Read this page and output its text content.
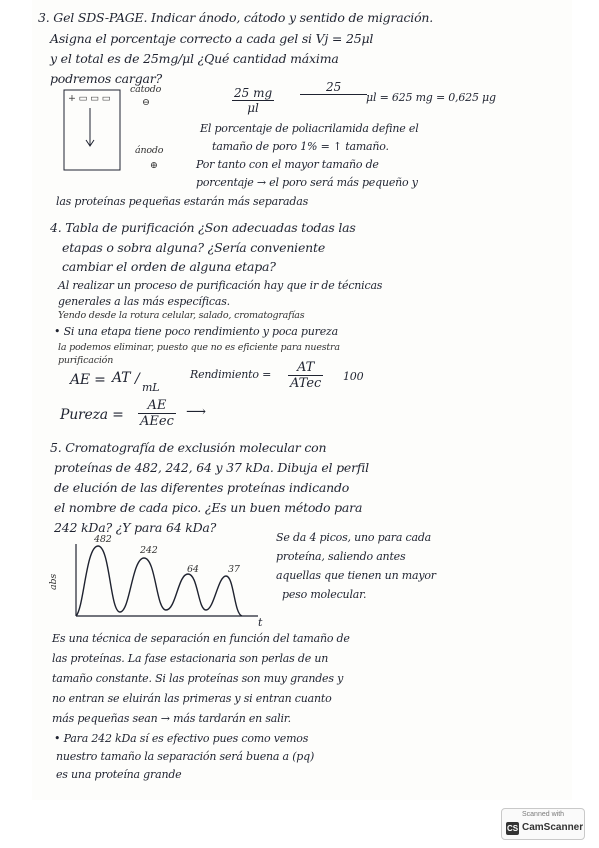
3. Gel SDS-PAGE. Indicar ánodo, cátodo y sentido de migración.
Asigna el porcentaje correcto a cada gel si Vj = 25μl
y el total es de 25mg/μl ¿Qué cantidad máxima
podremos cargar?
+ ▭ ▭ ▭
cátodo
⊖
ánodo
⊕
$\frac{25 mg}{\mu l}$	25
μl = 625 mg = 0,625 μg
El porcentaje de poliacrilamida define el
tamaño de poro 1% = ↑ tamaño.
Por tanto con el mayor tamaño de
porcentaje → el poro será más pequeño y
las proteínas pequeñas estarán más separadas
4. Tabla de purificación ¿Son adecuadas todas las
etapas o sobra alguna? ¿Sería conveniente
cambiar el orden de alguna etapa?
Al realizar un proceso de purificación hay que ir de técnicas
generales a las más específicas.
Yendo desde la rotura celular, salado, cromatografías
• Si una etapa tiene poco rendimiento y poca pureza
la podemos eliminar, puesto que no es eficiente para nuestra
purificación
AE = AT /
mL
Rendimiento =	AT
ATec 100
Pureza =
AE
AEec
⟶
5. Cromatografía de exclusión molecular con
proteínas de 482, 242, 64 y 37 kDa. Dibuja el perfil
de elución de las diferentes proteínas indicando
el nombre de cada pico. ¿Es un buen método para
242 kDa? ¿Y para 64 kDa?
482
242
64	37
abs
t
Se da 4 picos, uno para cada
proteína, saliendo antes
aquellas que tienen un mayor
peso molecular.
Es una técnica de separación en función del tamaño de
las proteínas. La fase estacionaria son perlas de un
tamaño constante. Si las proteínas son muy grandes y
no entran se eluirán las primeras y si entran cuanto
más pequeñas sean → más tardarán en salir.
• Para 242 kDa sí es efectivo pues como vemos
nuestro tamaño la separación será buena a (pq)
es una proteína grande
Scanned with
CS CamScanner
